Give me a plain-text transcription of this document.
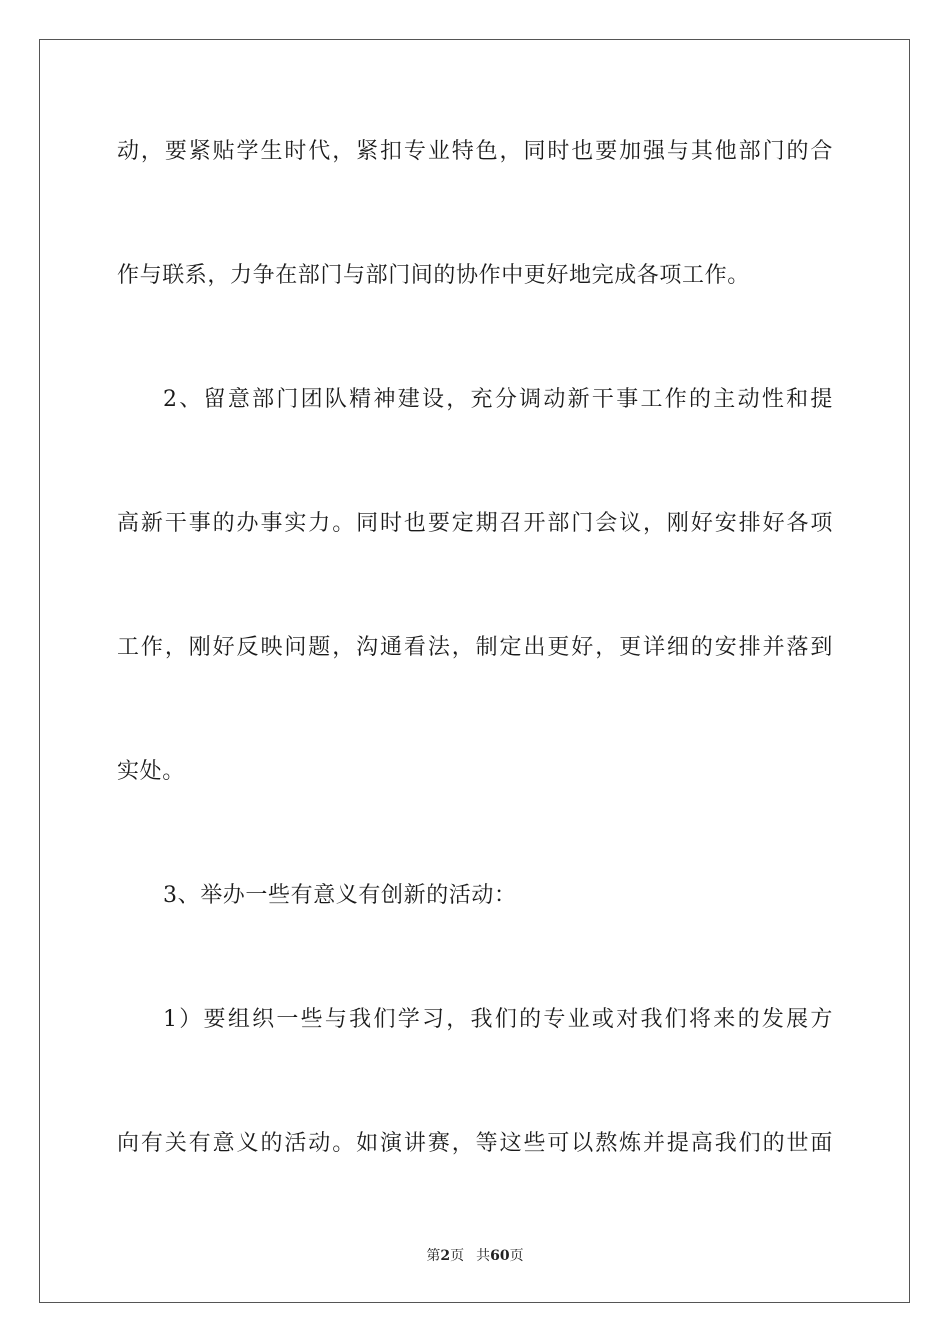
动，要紧贴学生时代，紧扣专业特色，同时也要加强与其他部门的合
作与联系，力争在部门与部门间的协作中更好地完成各项工作。
2、留意部门团队精神建设，充分调动新干事工作的主动性和提
高新干事的办事实力。同时也要定期召开部门会议，刚好安排好各项
工作，刚好反映问题，沟通看法，制定出更好，更详细的安排并落到
实处。
3、举办一些有意义有创新的活动：
1）要组织一些与我们学习，我们的专业或对我们将来的发展方
向有关有意义的活动。如演讲赛，等这些可以熬炼并提高我们的世面
第2页 共60页
